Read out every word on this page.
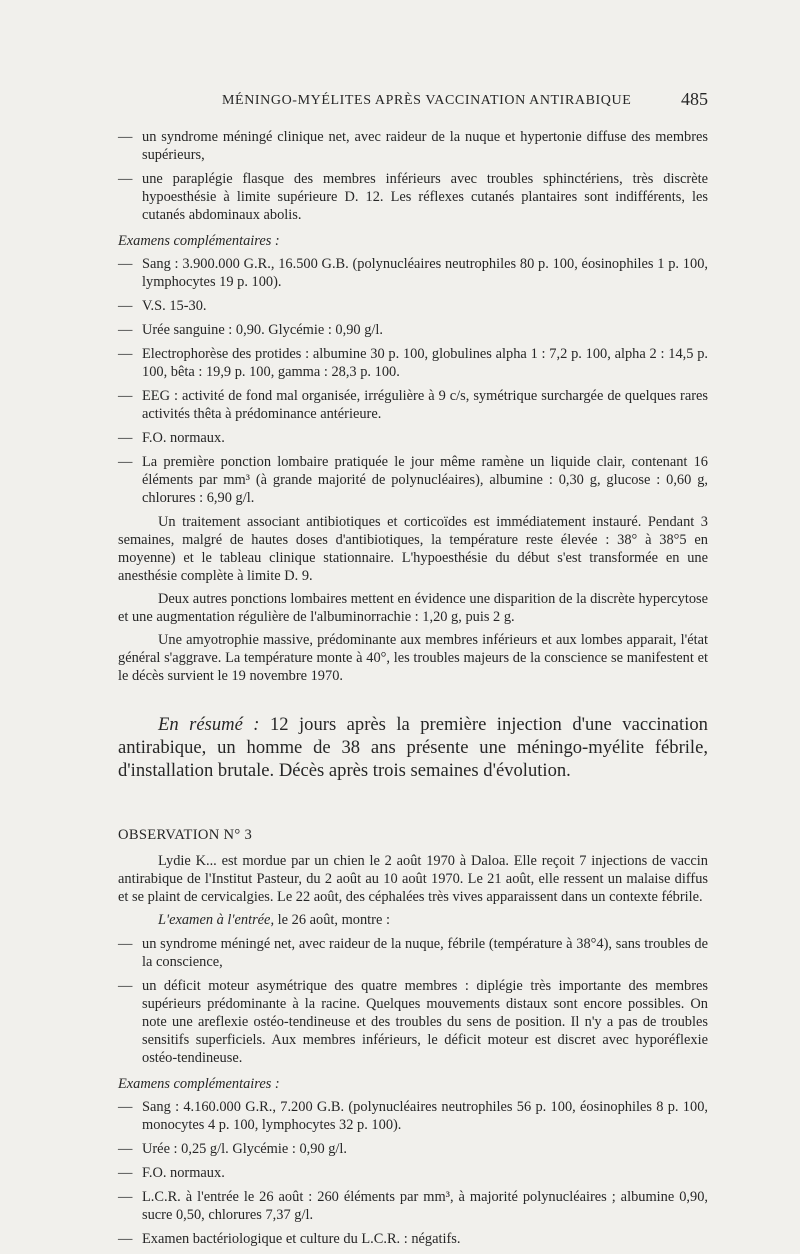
MÉNINGO-MYÉLITES APRÈS VACCINATION ANTIRABIQUE	485
— un syndrome méningé clinique net, avec raideur de la nuque et hypertonie diffuse des membres supérieurs,
— une paraplégie flasque des membres inférieurs avec troubles sphinctériens, très discrète hypoesthésie à limite supérieure D. 12. Les réflexes cutanés plantaires sont indifférents, les cutanés abdominaux abolis.
Examens complémentaires :
— Sang : 3.900.000 G.R., 16.500 G.B. (polynucléaires neutrophiles 80 p. 100, éosinophiles 1 p. 100, lymphocytes 19 p. 100).
— V.S. 15-30.
— Urée sanguine : 0,90. Glycémie : 0,90 g/l.
— Electrophorèse des protides : albumine 30 p. 100, globulines alpha 1 : 7,2 p. 100, alpha 2 : 14,5 p. 100, bêta : 19,9 p. 100, gamma : 28,3 p. 100.
— EEG : activité de fond mal organisée, irrégulière à 9 c/s, symétrique surchargée de quelques rares activités thêta à prédominance antérieure.
— F.O. normaux.
— La première ponction lombaire pratiquée le jour même ramène un liquide clair, contenant 16 éléments par mm³ (à grande majorité de polynucléaires), albumine : 0,30 g, glucose : 0,60 g, chlorures : 6,90 g/l.

Un traitement associant antibiotiques et corticoïdes est immédiatement instauré. Pendant 3 semaines, malgré de hautes doses d'antibiotiques, la température reste élevée : 38° à 38°5 en moyenne) et le tableau clinique stationnaire. L'hypoesthésie du début s'est transformée en une anesthésie complète à limite D. 9.

Deux autres ponctions lombaires mettent en évidence une disparition de la discrète hypercytose et une augmentation régulière de l'albuminorrachie : 1,20 g, puis 2 g.

Une amyotrophie massive, prédominante aux membres inférieurs et aux lombes apparait, l'état général s'aggrave. La température monte à 40°, les troubles majeurs de la conscience se manifestent et le décès survient le 19 novembre 1970.

En résumé : 12 jours après la première injection d'une vaccination antirabique, un homme de 38 ans présente une méningo-myélite fébrile, d'installation brutale. Décès après trois semaines d'évolution.

OBSERVATION N° 3

Lydie K... est mordue par un chien le 2 août 1970 à Daloa. Elle reçoit 7 injections de vaccin antirabique de l'Institut Pasteur, du 2 août au 10 août 1970. Le 21 août, elle ressent un malaise diffus et se plaint de cervicalgies. Le 22 août, des céphalées très vives apparaissent dans un contexte fébrile.

L'examen à l'entrée, le 26 août, montre :

— un syndrome méningé net, avec raideur de la nuque, fébrile (température à 38°4), sans troubles de la conscience,
— un déficit moteur asymétrique des quatre membres : diplégie très importante des membres supérieurs prédominante à la racine. Quelques mouvements distaux sont encore possibles. On note une areflexie ostéo-tendineuse et des troubles du sens de position. Il n'y a pas de troubles sensitifs superficiels. Aux membres inférieurs, le déficit moteur est discret avec hyporéflexie ostéo-tendineuse.
Examens complémentaires :
— Sang : 4.160.000 G.R., 7.200 G.B. (polynucléaires neutrophiles 56 p. 100, éosinophiles 8 p. 100, monocytes 4 p. 100, lymphocytes 32 p. 100).
— Urée : 0,25 g/l. Glycémie : 0,90 g/l.
— F.O. normaux.
— L.C.R. à l'entrée le 26 août : 260 éléments par mm³, à majorité polynucléaires ; albumine 0,90, sucre 0,50, chlorures 7,37 g/l.
— Examen bactériologique et culture du L.C.R. : négatifs.
